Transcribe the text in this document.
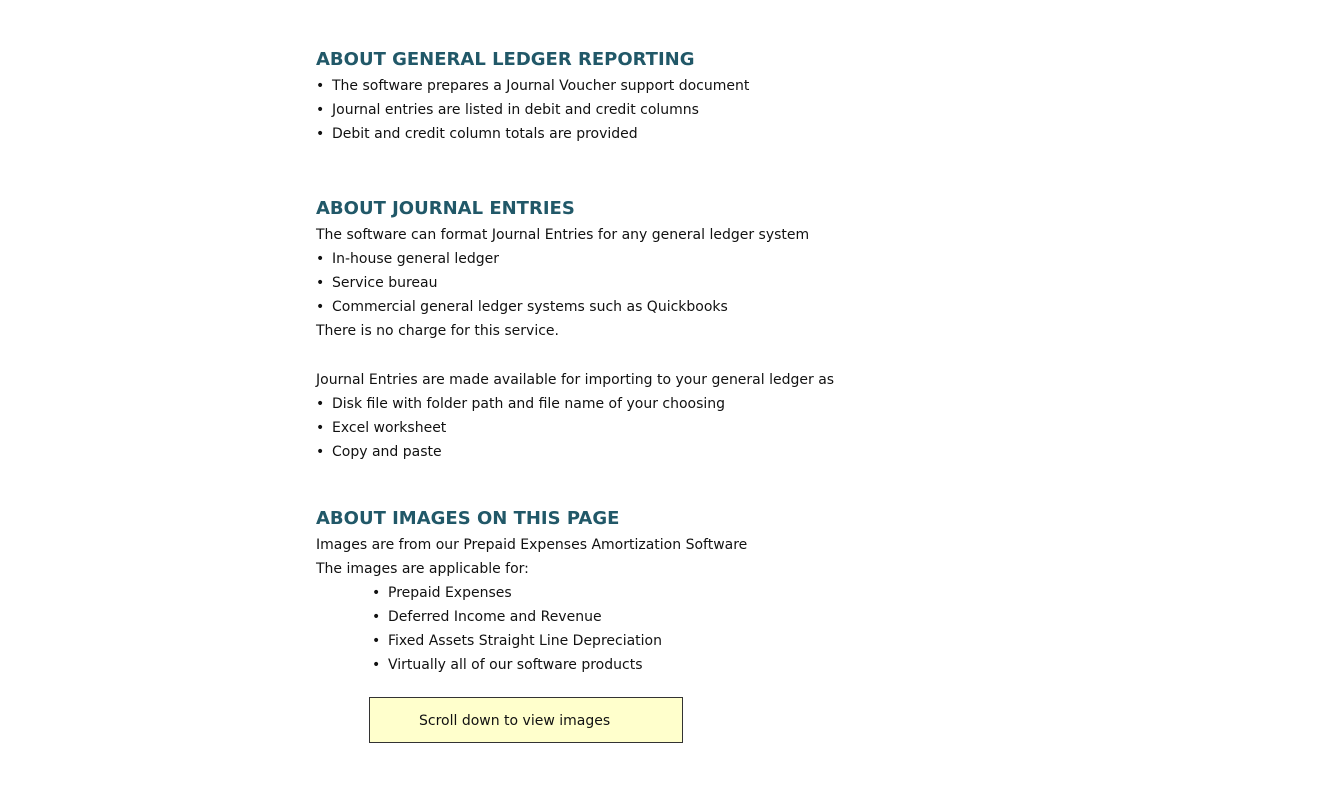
ABOUT GENERAL LEDGER REPORTING
• The software prepares a Journal Voucher support document
• Journal entries are listed in debit and credit columns
• Debit and credit column totals are provided
ABOUT JOURNAL ENTRIES
The software can format Journal Entries for any general ledger system
• In-house general ledger
• Service bureau
• Commercial general ledger systems such as Quickbooks
There is no charge for this service.
Journal Entries are made available for importing to your general ledger as
• Disk file with folder path and file name of your choosing
• Excel worksheet
• Copy and paste
ABOUT IMAGES ON THIS PAGE
Images are from our Prepaid Expenses Amortization Software
The images are applicable for:
• Prepaid Expenses
• Deferred Income and Revenue
• Fixed Assets Straight Line Depreciation
• Virtually all of our software products
Scroll down to view images
